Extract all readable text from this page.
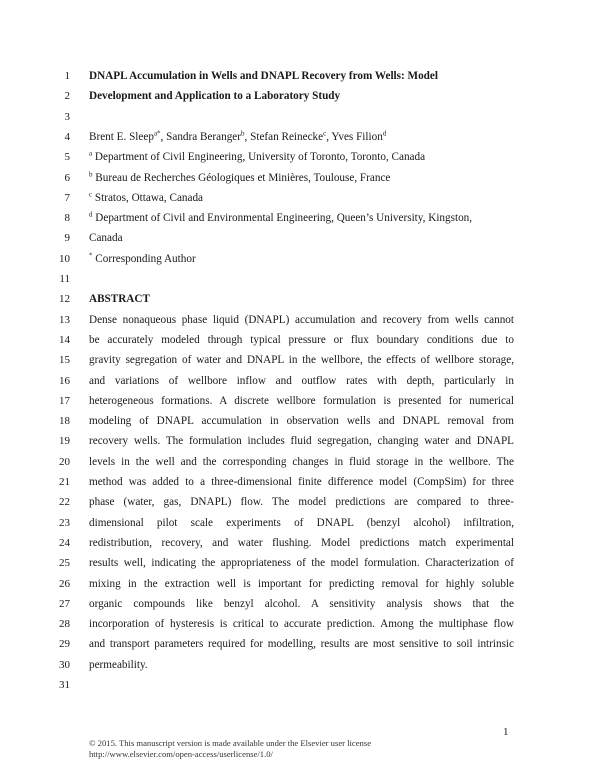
1 DNAPL Accumulation in Wells and DNAPL Recovery from Wells: Model
2 Development and Application to a Laboratory Study
3
4 Brent E. Sleep$^{a*}$, Sandra Beranger$^b$, Stefan Reinecke$^c$, Yves Filion$^d$
5	$^a$ Department of Civil Engineering, University of Toronto, Toronto, Canada
6	$^b$ Bureau de Recherches Géologiques et Minières, Toulouse, France
7	$^c$ Stratos, Ottawa, Canada
8	$^d$ Department of Civil and Environmental Engineering, Queen’s University, Kingston,
9 Canada
10	* Corresponding Author
11
12 ABSTRACT
13 Dense nonaqueous phase liquid (DNAPL) accumulation and recovery from wells cannot
14 be accurately modeled through typical pressure or flux boundary conditions due to
15 gravity segregation of water and DNAPL in the wellbore, the effects of wellbore storage,
16 and variations of wellbore inflow and outflow rates with depth, particularly in
17 heterogeneous formations. A discrete wellbore formulation is presented for numerical
18 modeling of DNAPL accumulation in observation wells and DNAPL removal from
19 recovery wells. The formulation includes fluid segregation, changing water and DNAPL
20 levels in the well and the corresponding changes in fluid storage in the wellbore. The
21 method was added to a three-dimensional finite difference model (CompSim) for three
22 phase (water, gas, DNAPL) flow. The model predictions are compared to three-
23 dimensional pilot scale experiments of DNAPL (benzyl alcohol) infiltration,
24 redistribution, recovery, and water flushing. Model predictions match experimental
25 results well, indicating the appropriateness of the model formulation. Characterization of
26 mixing in the extraction well is important for predicting removal for highly soluble
27 organic compounds like benzyl alcohol. A sensitivity analysis shows that the
28 incorporation of hysteresis is critical to accurate prediction. Among the multiphase flow
29 and transport parameters required for modelling, results are most sensitive to soil intrinsic
30 permeability.
31
1
© 2015. This manuscript version is made available under the Elsevier user license
http://www.elsevier.com/open-access/userlicense/1.0/
